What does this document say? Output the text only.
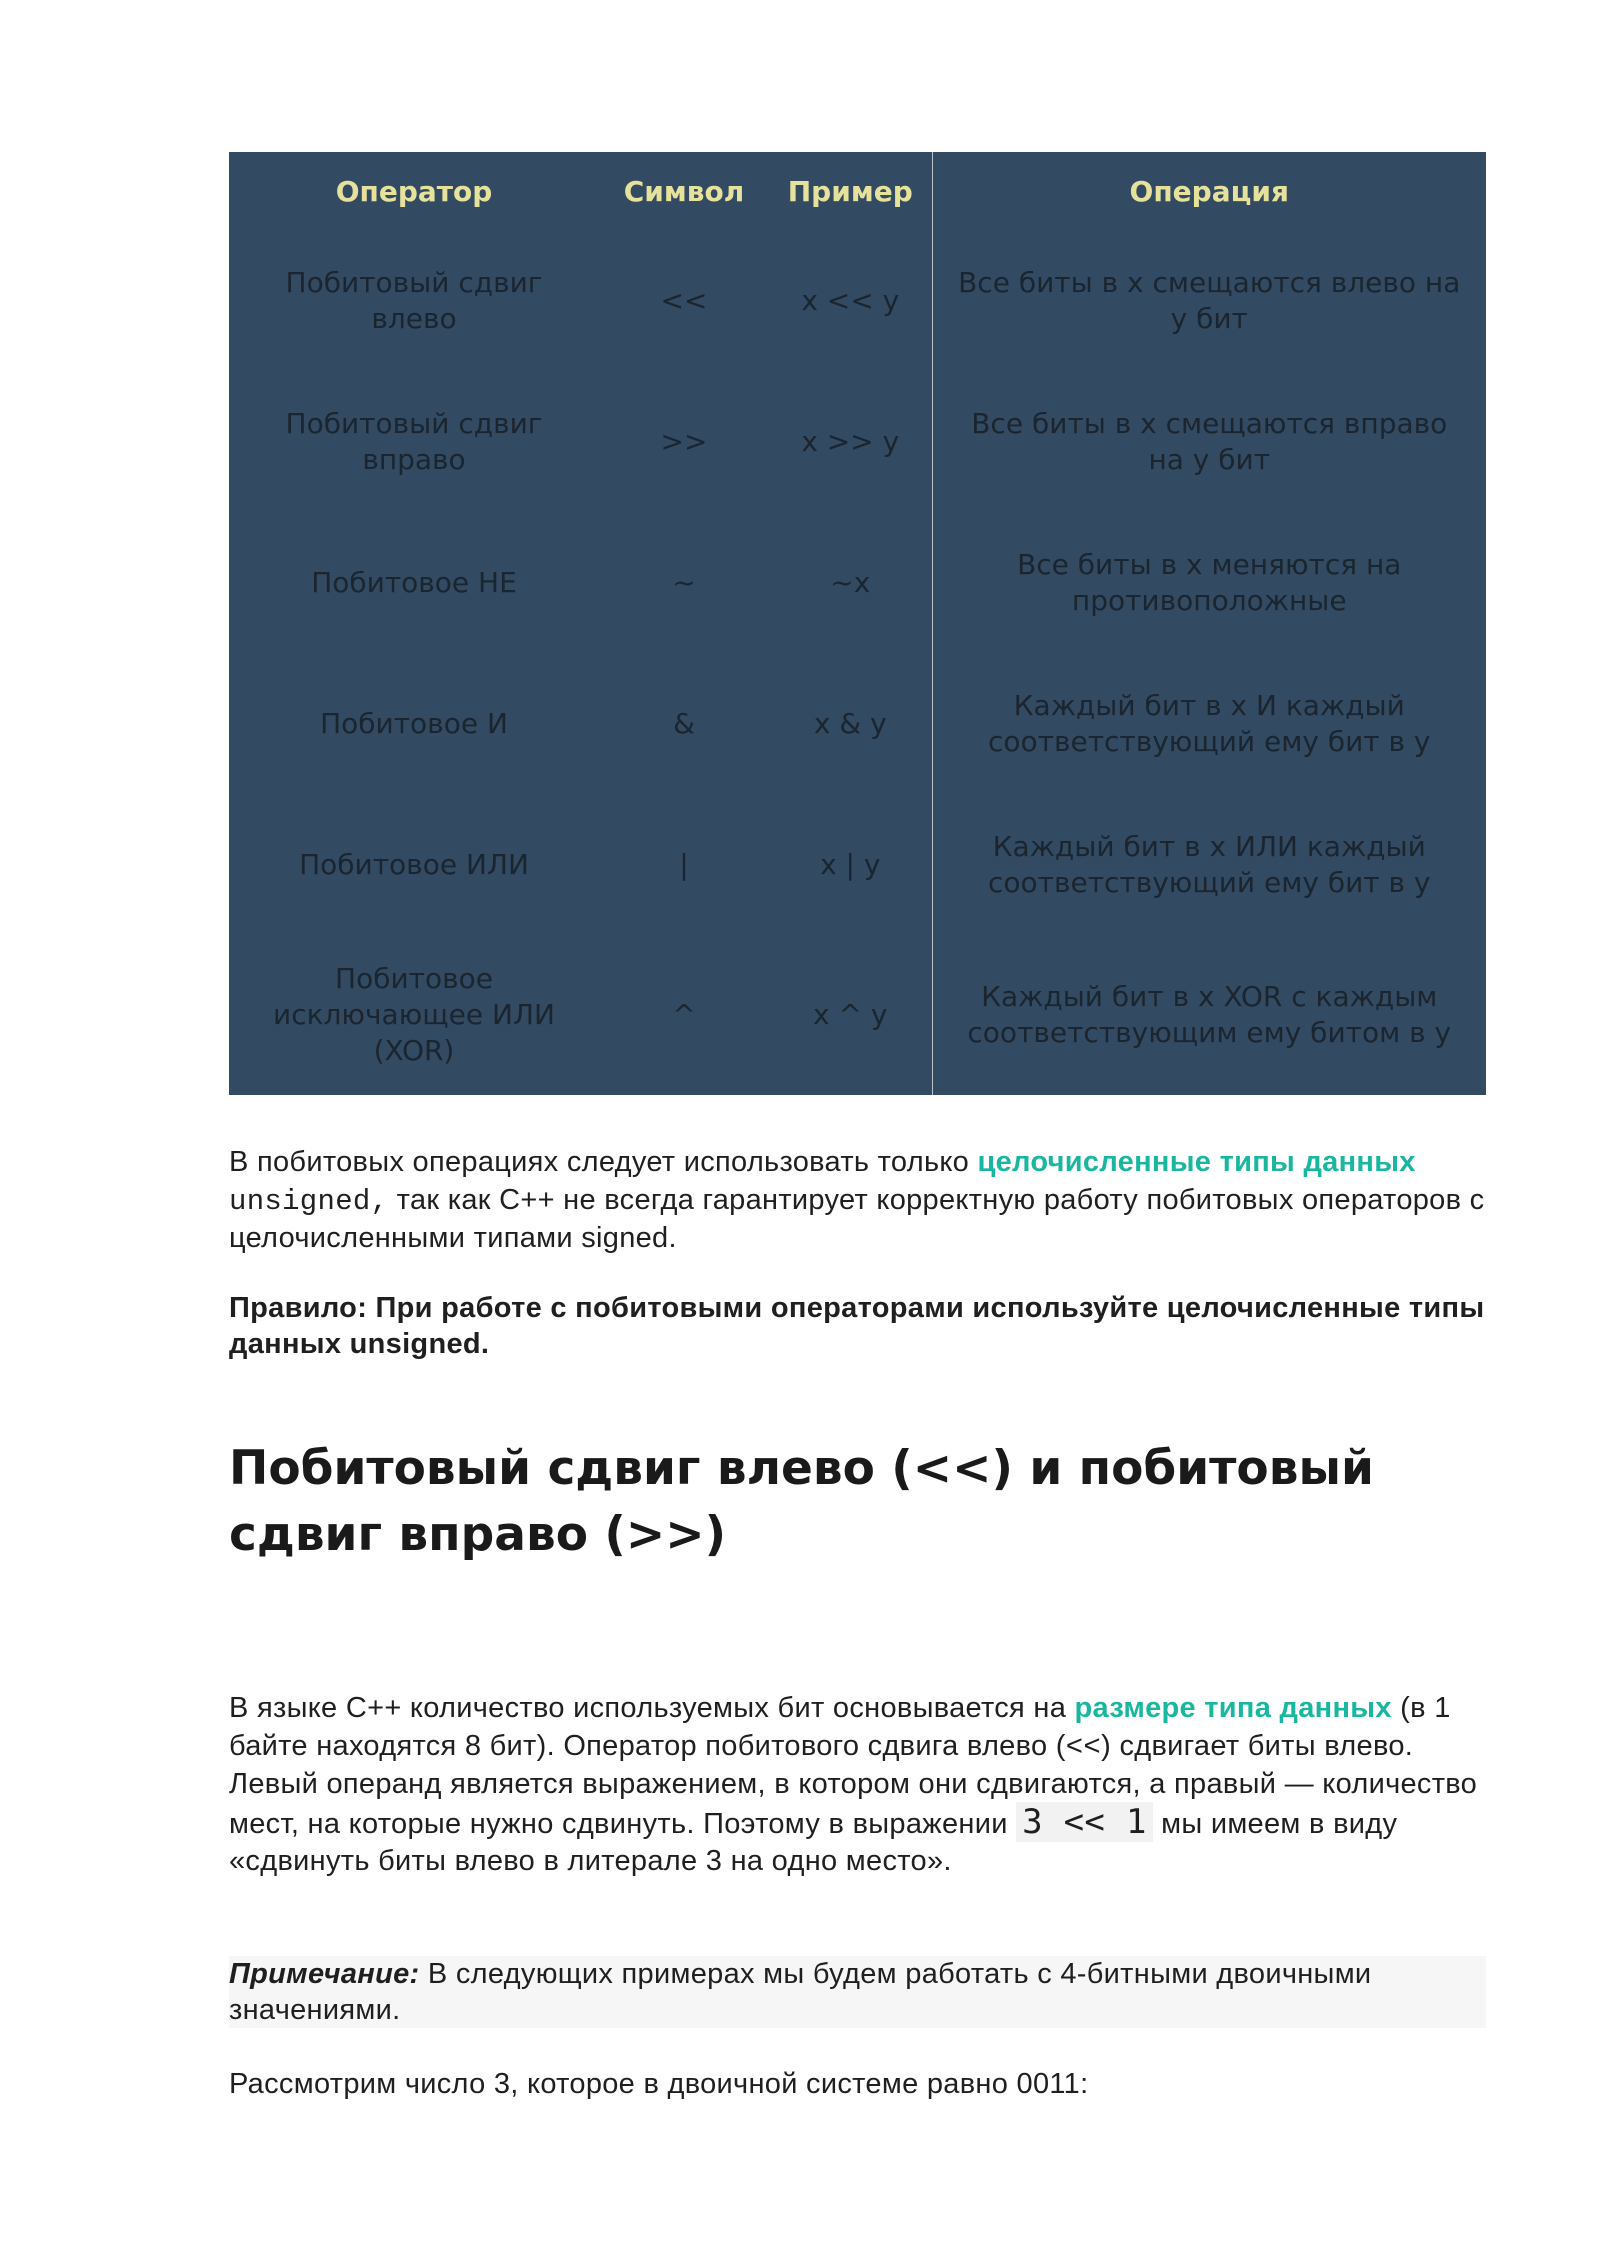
Оператор	Символ	Пример	Операция
Побитовый сдвиг влево	<<	x << y	Все биты в x смещаются влево на y бит
Побитовый сдвиг вправо	>>	x >> y	Все биты в x смещаются вправо на y бит
Побитовое НЕ	~	~x	Все биты в x меняются на противоположные
Побитовое И	&	x & y	Каждый бит в x И каждый соответствующий ему бит в y
Побитовое ИЛИ	|	x | y	Каждый бит в x ИЛИ каждый соответствующий ему бит в y
Побитовое исключающее ИЛИ (XOR)	^	x ^ y	Каждый бит в x XOR с каждым соответствующим ему битом в y

В побитовых операциях следует использовать только целочисленные типы данных unsigned, так как C++ не всегда гарантирует корректную работу побитовых операторов с целочисленными типами signed.

Правило: При работе с побитовыми операторами используйте целочисленные типы данных unsigned.

Побитовый сдвиг влево (<<) и побитовый сдвиг вправо (>>)

В языке C++ количество используемых бит основывается на размере типа данных (в 1 байте находятся 8 бит). Оператор побитового сдвига влево (<<) сдвигает биты влево. Левый операнд является выражением, в котором они сдвигаются, а правый — количество мест, на которые нужно сдвинуть. Поэтому в выражении 3 << 1 мы имеем в виду «сдвинуть биты влево в литерале 3 на одно место».

Примечание: В следующих примерах мы будем работать с 4-битными двоичными значениями.

Рассмотрим число 3, которое в двоичной системе равно 0011:
